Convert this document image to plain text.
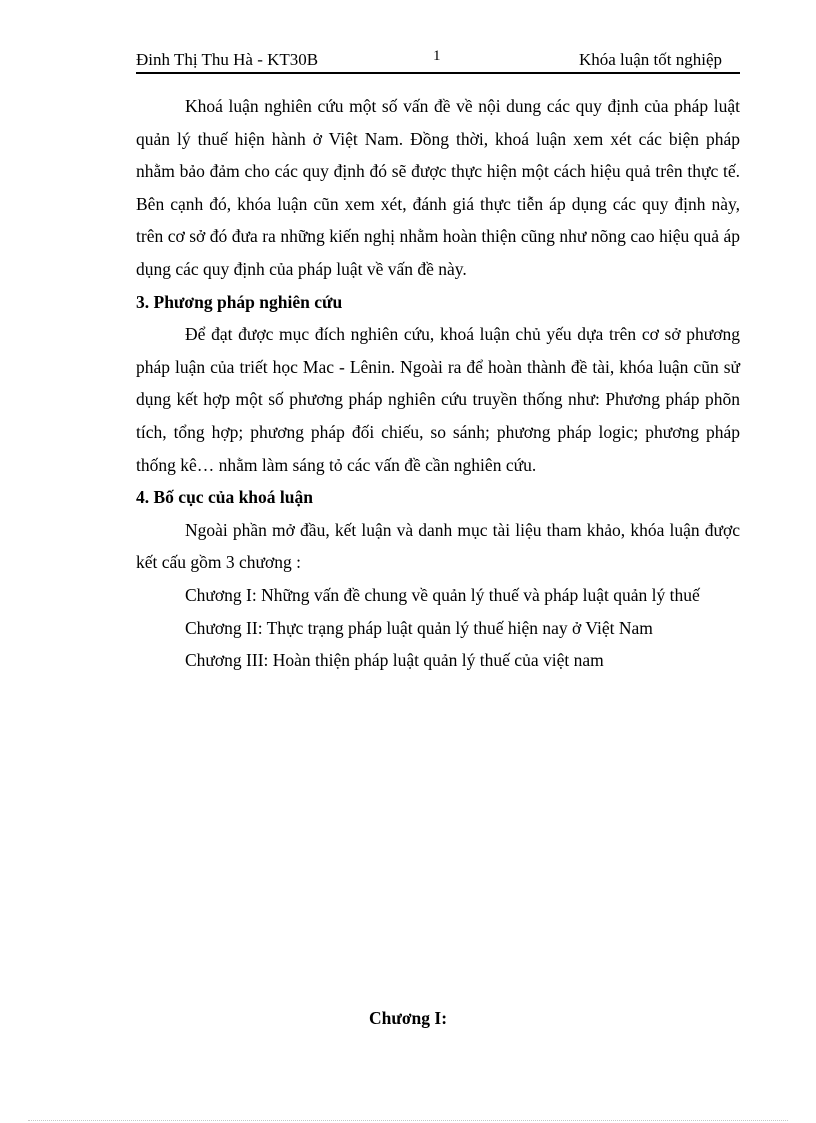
Đinh Thị Thu Hà - KT30B	1	Khóa luận tốt nghiệp

Khoá luận nghiên cứu một số vấn đề về nội dung các quy định của pháp luật quản lý thuế hiện hành ở Việt Nam. Đồng thời, khoá luận xem xét các biện pháp nhằm bảo đảm cho các quy định đó sẽ được thực hiện một cách hiệu quả trên thực tế. Bên cạnh đó, khóa luận cũn xem xét, đánh giá thực tiễn áp dụng các quy định này, trên cơ sở đó đưa ra những kiến nghị nhằm hoàn thiện cũng như nõng cao hiệu quả áp dụng các quy định của pháp luật về vấn đề này.

3. Phương pháp nghiên cứu

Để đạt được mục đích nghiên cứu, khoá luận chủ yếu dựa trên cơ sở phương pháp luận của triết học Mac - Lênin. Ngoài ra để hoàn thành đề tài, khóa luận cũn sử dụng kết hợp một số phương pháp nghiên cứu truyền thống như: Phương pháp phõn tích, tổng hợp; phương pháp đối chiếu, so sánh; phương pháp logic; phương pháp thống kê… nhằm làm sáng tỏ các vấn đề cần nghiên cứu.

4. Bố cục của khoá luận

Ngoài phần mở đầu, kết luận và danh mục tài liệu tham khảo, khóa luận được kết cấu gồm 3 chương :

Chương I: Những vấn đề chung về quản lý thuế và pháp luật quản lý thuế

Chương II: Thực trạng pháp luật quản lý thuế hiện nay ở Việt Nam

Chương III: Hoàn thiện pháp luật quản lý thuế của việt nam

Chương I:
